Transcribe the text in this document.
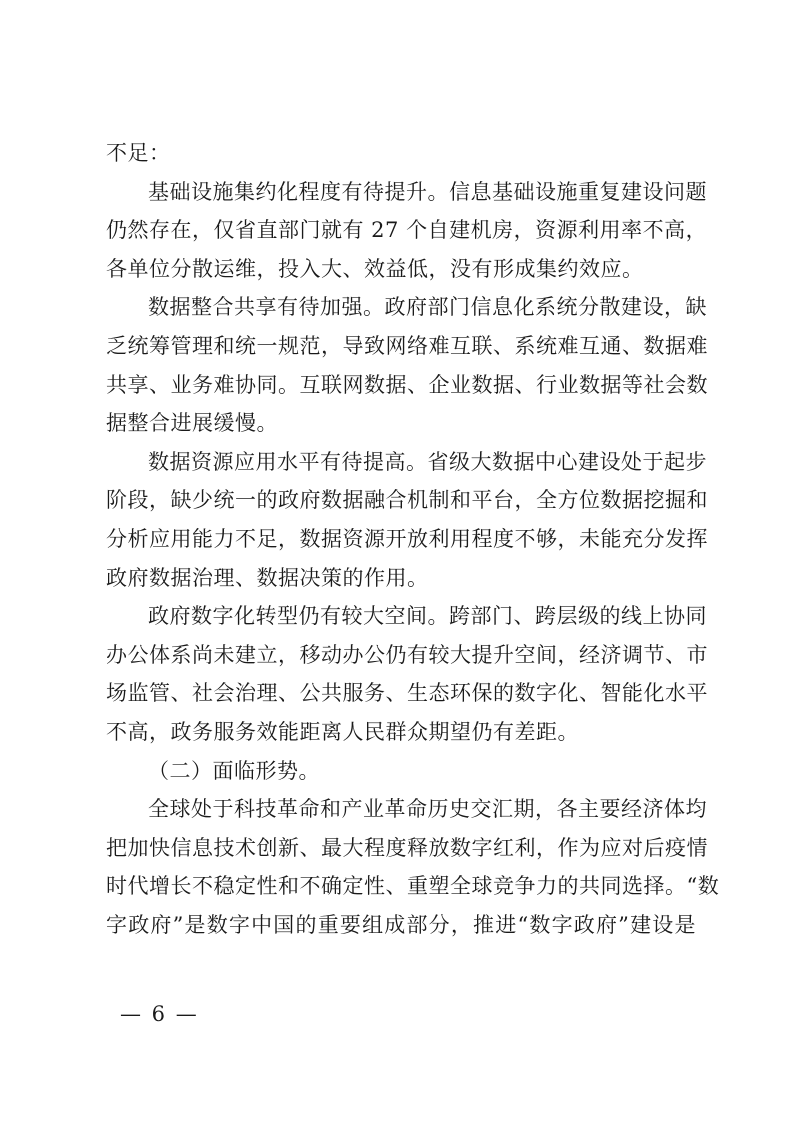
不足：
基础设施集约化程度有待提升。信息基础设施重复建设问题
仍然存在，仅省直部门就有 27 个自建机房，资源利用率不高，
各单位分散运维，投入大、效益低，没有形成集约效应。
数据整合共享有待加强。政府部门信息化系统分散建设，缺
乏统筹管理和统一规范，导致网络难互联、系统难互通、数据难
共享、业务难协同。互联网数据、企业数据、行业数据等社会数
据整合进展缓慢。
数据资源应用水平有待提高。省级大数据中心建设处于起步
阶段，缺少统一的政府数据融合机制和平台，全方位数据挖掘和
分析应用能力不足，数据资源开放利用程度不够，未能充分发挥
政府数据治理、数据决策的作用。
政府数字化转型仍有较大空间。跨部门、跨层级的线上协同
办公体系尚未建立，移动办公仍有较大提升空间，经济调节、市
场监管、社会治理、公共服务、生态环保的数字化、智能化水平
不高，政务服务效能距离人民群众期望仍有差距。
（二）面临形势。
全球处于科技革命和产业革命历史交汇期，各主要经济体均
把加快信息技术创新、最大程度释放数字红利，作为应对后疫情
时代增长不稳定性和不确定性、重塑全球竞争力的共同选择。“数
字政府”是数字中国的重要组成部分，推进“数字政府”建设是
— 6 —
